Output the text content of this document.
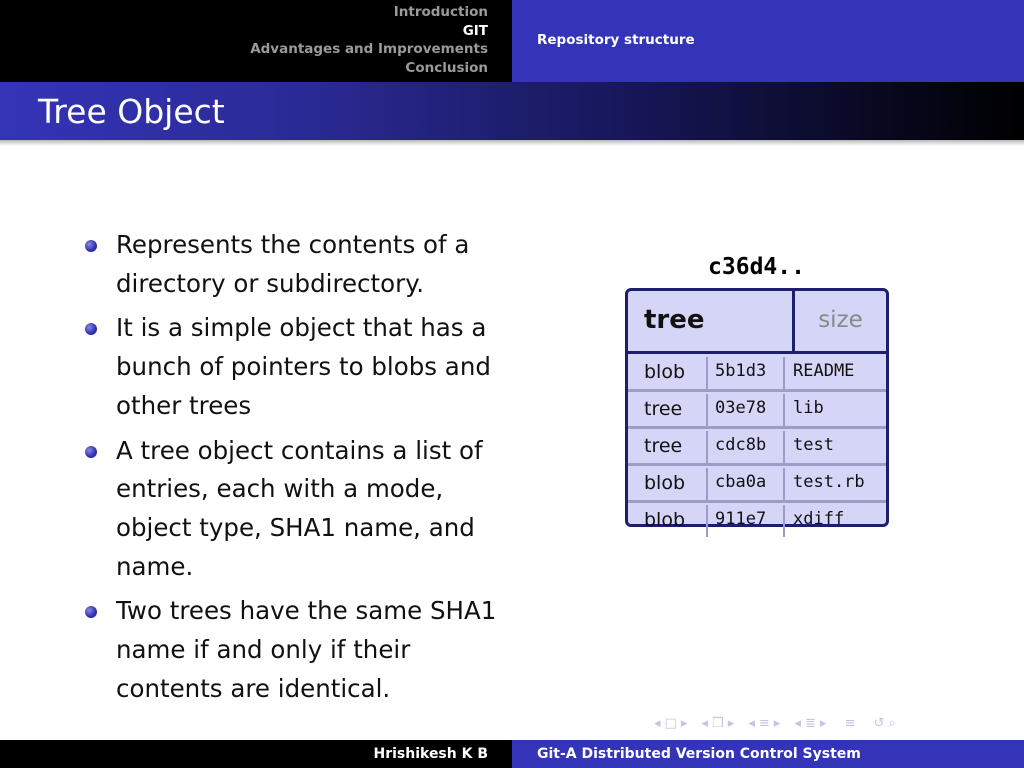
Introduction
GIT
Advantages and Improvements
Conclusion
Repository structure
Tree Object
Represents the contents of a directory or subdirectory.
It is a simple object that has a bunch of pointers to blobs and other trees
A tree object contains a list of entries, each with a mode, object type, SHA1 name, and name.
Two trees have the same SHA1 name if and only if their contents are identical.
c36d4..
tree	size
blob 5b1d3 README
tree 03e78 lib
tree cdc8b test
blob cba0a test.rb
blob 911e7 xdiff
◂ □ ▸ ◂ ❒ ▸ ◂ ≡ ▸ ◂ ≣ ▸ ≡ ↺ ⌕
Hrishikesh K B	Git-A Distributed Version Control System
